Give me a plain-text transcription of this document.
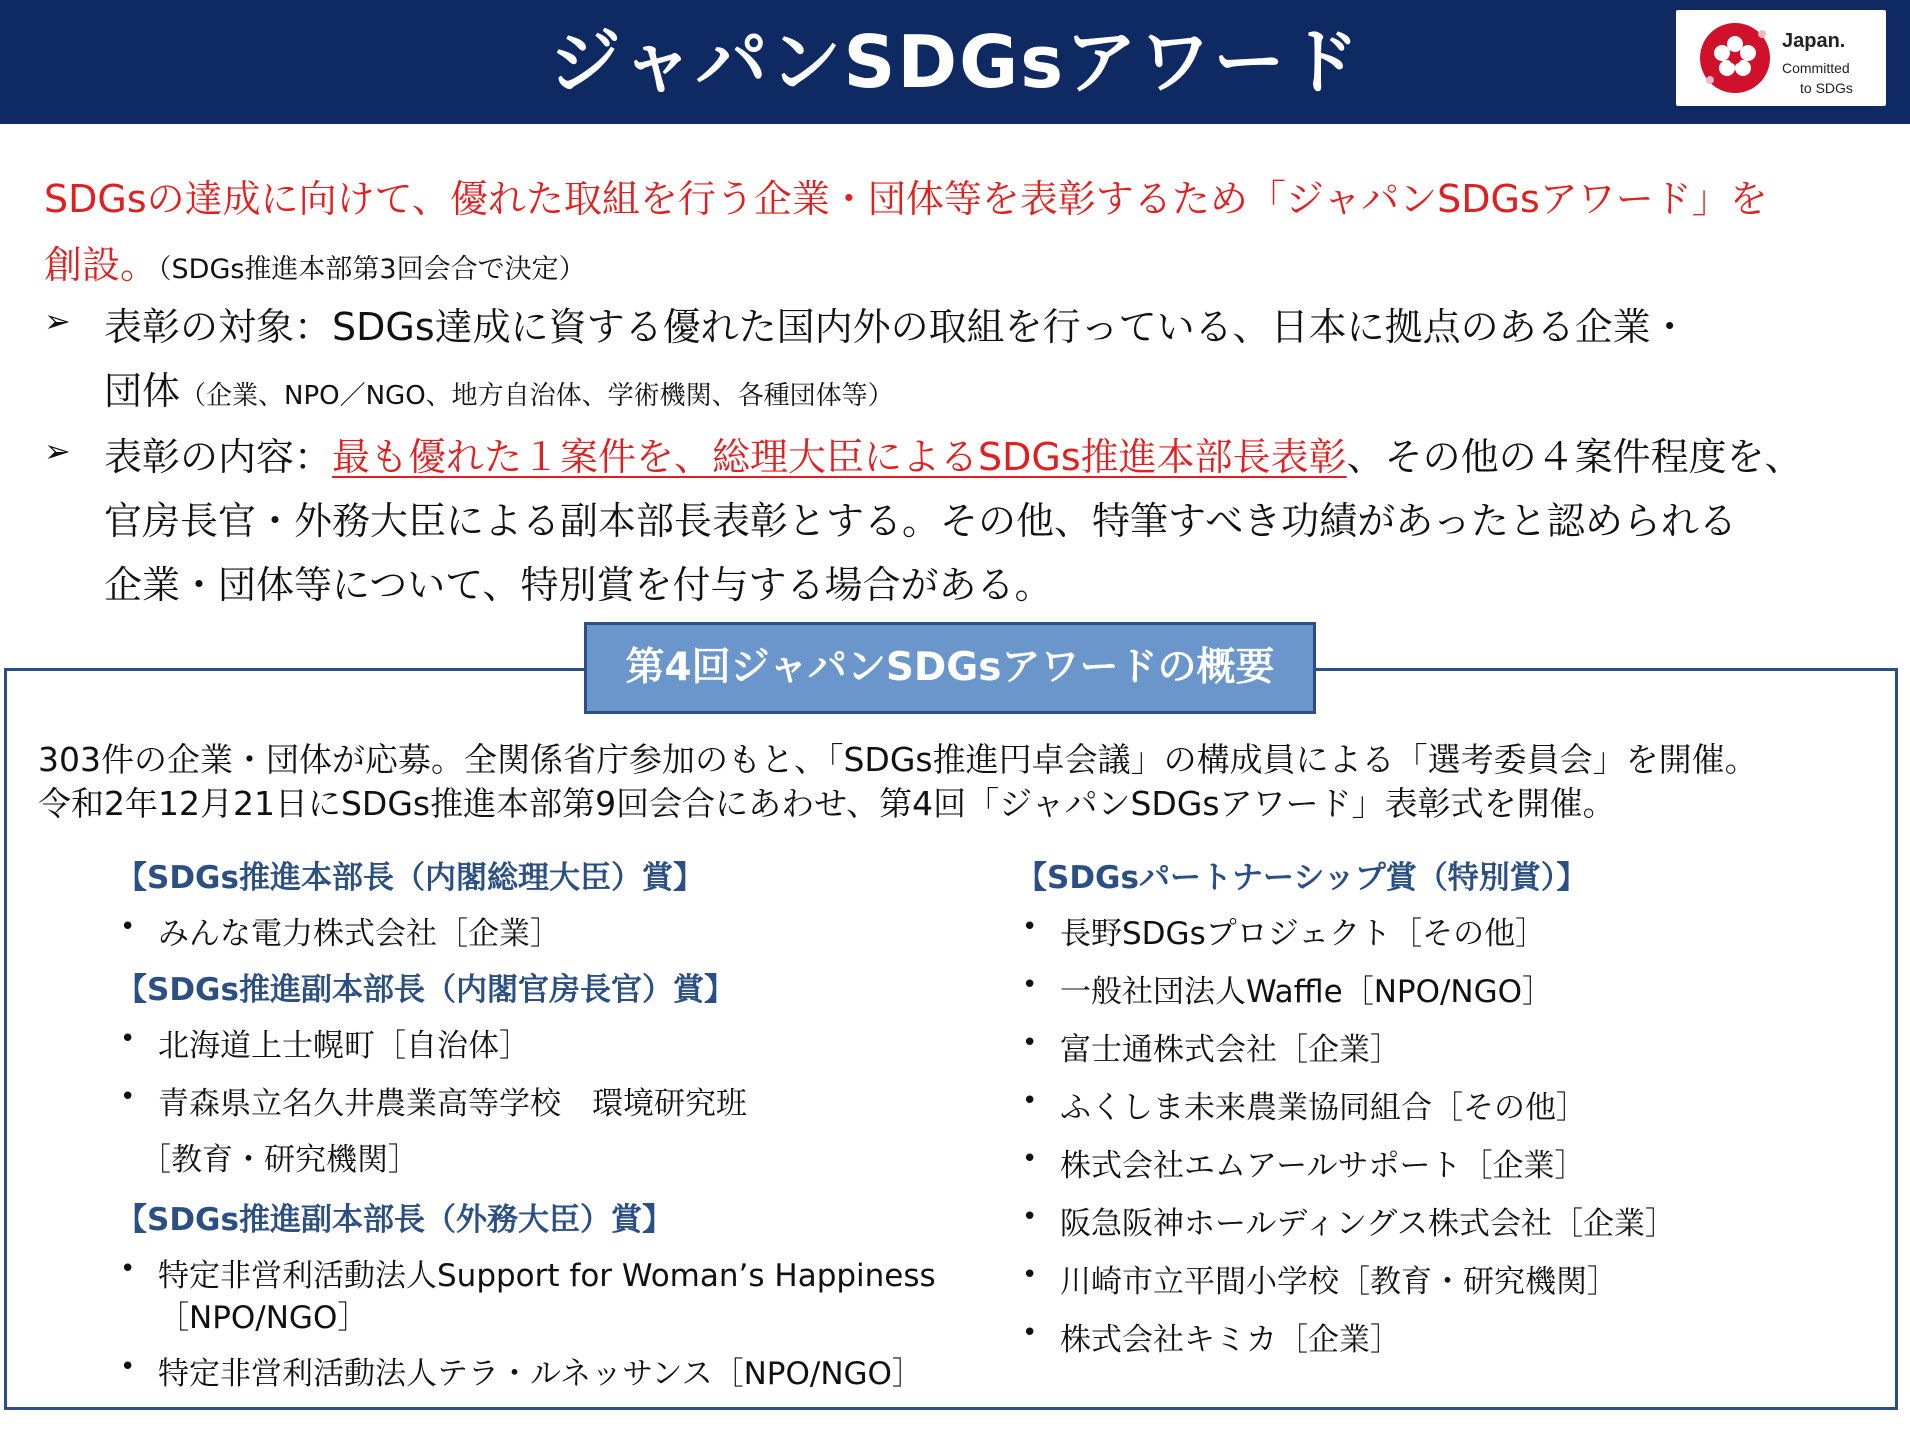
ジャパンSDGsアワード	Japan.
Committed
to SDGs
SDGsの達成に向けて、優れた取組を行う企業・団体等を表彰するため「ジャパンSDGsアワード」を
創設。（SDGs推進本部第3回会合で決定）
➢ 表彰の対象：SDGs達成に資する優れた国内外の取組を行っている、日本に拠点のある企業・
団体（企業、NPO／NGO、地方自治体、学術機関、各種団体等）
➢ 表彰の内容：最も優れた１案件を、総理大臣によるSDGs推進本部長表彰、その他の４案件程度を、
官房長官・外務大臣による副本部長表彰とする。その他、特筆すべき功績があったと認められる
企業・団体等について、特別賞を付与する場合がある。
第4回ジャパンSDGsアワードの概要
303件の企業・団体が応募。全関係省庁参加のもと、「SDGs推進円卓会議」の構成員による「選考委員会」を開催。
令和2年12月21日にSDGs推進本部第9回会合にあわせ、第4回「ジャパンSDGsアワード」表彰式を開催。
【SDGs推進本部長（内閣総理大臣）賞】
• みんな電力株式会社［企業］
【SDGs推進副本部長（内閣官房長官）賞】
• 北海道上士幌町［自治体］
• 青森県立名久井農業高等学校　環境研究班
［教育・研究機関］
【SDGs推進副本部長（外務大臣）賞】
• 特定非営利活動法人Support for Woman’s Happiness
［NPO/NGO］
• 特定非営利活動法人テラ・ルネッサンス［NPO/NGO］
【SDGsパートナーシップ賞（特別賞）】
• 長野SDGsプロジェクト［その他］
• 一般社団法人Waffle［NPO/NGO］
• 富士通株式会社［企業］
• ふくしま未来農業協同組合［その他］
• 株式会社エムアールサポート［企業］
• 阪急阪神ホールディングス株式会社［企業］
• 川崎市立平間小学校［教育・研究機関］
• 株式会社キミカ［企業］
